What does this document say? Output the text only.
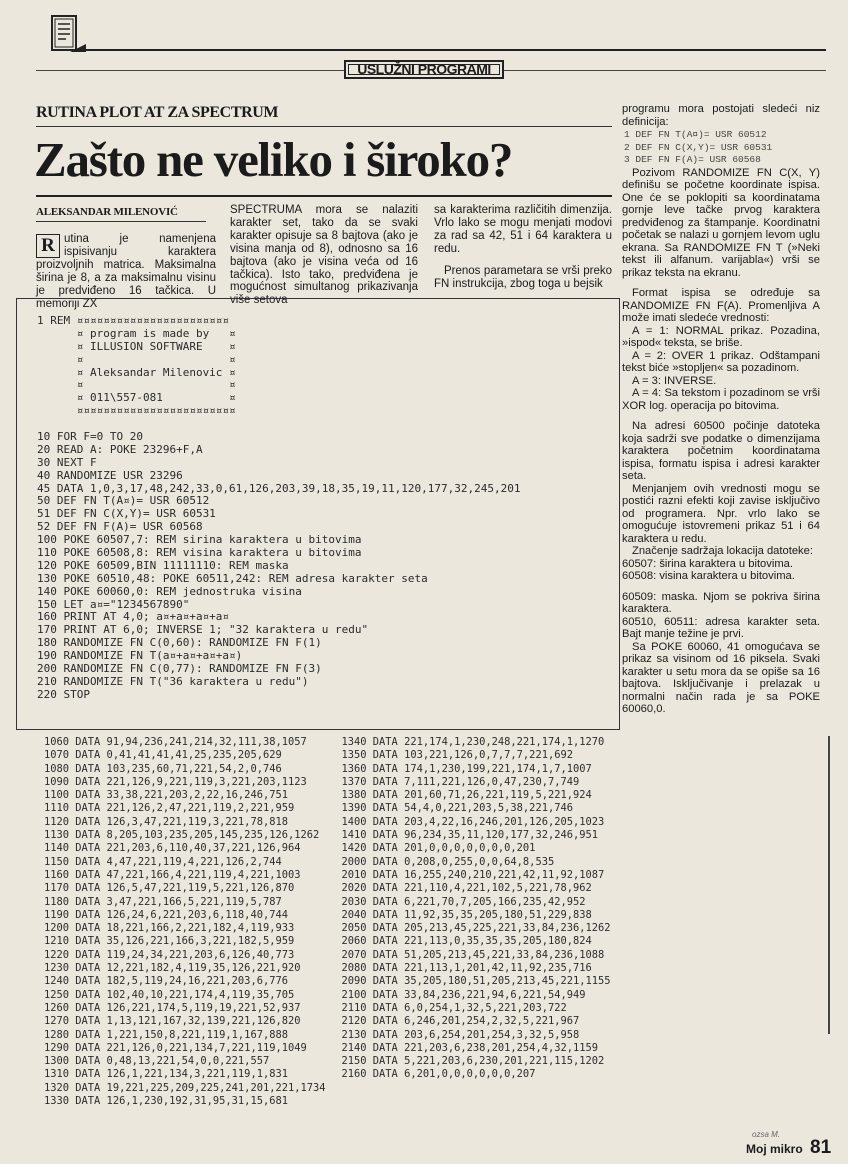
USLUŽNI PROGRAMI
RUTINA PLOT AT ZA SPECTRUM
Zašto ne veliko i široko?
ALEKSANDAR MILENOVIĆ
R utina je namenjena ispisivanju karaktera proizvoljnih matrica. Maksimalna širina je 8, a za maksimalnu visinu je predviđeno 16 tačkica. U memoriji ZX

SPECTRUMA mora se nalaziti karakter set, tako da se svaki karakter opisuje sa 8 bajtova (ako je visina manja od 8), odnosno sa 16 bajtova (ako je visina veća od 16 tačkica). Isto tako, predviđena je mogućnost simultanog prikazivanja više setova

sa karakterima različitih dimenzija. Vrlo lako se mogu menjati modovi za rad sa 42, 51 i 64 karaktera u redu.

Prenos parametara se vrši preko FN instrukcija, zbog toga u bejsik

programu mora postojati sledeći niz definicija:

1 DEF FN T(A¤)= USR 60512
2 DEF FN C(X,Y)= USR 60531
3 DEF FN F(A)= USR 60568

Pozivom RANDOMIZE FN C(X, Y) definišu se početne koordinate ispisa. One će se poklopiti sa koordinatama gornje leve tačke prvog karaktera predviđenog za štampanje. Koordinatni početak se nalazi u gornjem levom uglu ekrana. Sa RANDOMIZE FN T (»Neki tekst ili alfanum. varijabla«) vrši se prikaz teksta na ekranu.

Format ispisa se određuje sa RANDOMIZE FN F(A). Promenljiva A može imati sledeće vrednosti:

A = 1: NORMAL prikaz. Pozadina, »ispod« teksta, se briše.

A = 2: OVER 1 prikaz. Odštampani tekst biće »stopljen« sa pozadinom.

A = 3: INVERSE.

A = 4: Sa tekstom i pozadinom se vrši XOR log. operacija po bitovima.

Na adresi 60500 počinje datoteka koja sadrži sve podatke o dimenzijama karaktera početnim koordinatama ispisa, formatu ispisa i adresi karakter seta.

Menjanjem ovih vrednosti mogu se postići razni efekti koji zavise isključivo od programera. Npr. vrlo lako se omogućuje istovremeni prikaz 51 i 64 karaktera u redu.

Značenje sadržaja lokacija datoteke:

60507: širina karaktera u bitovima.

60508: visina karaktera u bitovima.

60509: maska. Njom se pokriva širina karaktera.

60510, 60511: adresa karakter seta. Bajt manje težine je prvi.

Sa POKE 60060, 41 omogućava se prikaz sa visinom od 16 piksela. Svaki karakter u setu mora da se opiše sa 16 bajtova. Isključivanje i prelazak u normalni način rada je sa POKE 60060,0.

1 REM ¤¤¤¤¤¤¤¤¤¤¤¤¤¤¤¤¤¤¤¤¤¤¤
¤ program is made by   ¤
¤ ILLUSION SOFTWARE    ¤
¤                      ¤
¤ Aleksandar Milenovic ¤
¤                      ¤
¤ 011\557-081          ¤
¤¤¤¤¤¤¤¤¤¤¤¤¤¤¤¤¤¤¤¤¤¤¤¤
10 FOR F=0 TO 20
20 READ A: POKE 23296+F,A
30 NEXT F
40 RANDOMIZE USR 23296
45 DATA 1,0,3,17,48,242,33,0,61,126,203,39,18,35,19,11,120,177,32,245,201
50 DEF FN T(A¤)= USR 60512
51 DEF FN C(X,Y)= USR 60531
52 DEF FN F(A)= USR 60568
100 POKE 60507,7: REM sirina karaktera u bitovima
110 POKE 60508,8: REM visina karaktera u bitovima
120 POKE 60509,BIN 11111110: REM maska
130 POKE 60510,48: POKE 60511,242: REM adresa karakter seta
140 POKE 60060,0: REM jednostruka visina
150 LET a¤="1234567890"
160 PRINT AT 4,0; a¤+a¤+a¤+a¤
170 PRINT AT 6,0; INVERSE 1; "32 karaktera u redu"
180 RANDOMIZE FN C(0,60): RANDOMIZE FN F(1)
190 RANDOMIZE FN T(a¤+a¤+a¤+a¤)
200 RANDOMIZE FN C(0,77): RANDOMIZE FN F(3)
210 RANDOMIZE FN T("36 karaktera u redu")
220 STOP
1060 DATA 91,94,236,241,214,32,111,38,1057
1070 DATA 0,41,41,41,41,25,235,205,629
1080 DATA 103,235,60,71,221,54,2,0,746
1090 DATA 221,126,9,221,119,3,221,203,1123
1100 DATA 33,38,221,203,2,22,16,246,751
1110 DATA 221,126,2,47,221,119,2,221,959
1120 DATA 126,3,47,221,119,3,221,78,818
1130 DATA 8,205,103,235,205,145,235,126,1262
1140 DATA 221,203,6,110,40,37,221,126,964
1150 DATA 4,47,221,119,4,221,126,2,744
1160 DATA 47,221,166,4,221,119,4,221,1003
1170 DATA 126,5,47,221,119,5,221,126,870
1180 DATA 3,47,221,166,5,221,119,5,787
1190 DATA 126,24,6,221,203,6,118,40,744
1200 DATA 18,221,166,2,221,182,4,119,933
1210 DATA 35,126,221,166,3,221,182,5,959
1220 DATA 119,24,34,221,203,6,126,40,773
1230 DATA 12,221,182,4,119,35,126,221,920
1240 DATA 182,5,119,24,16,221,203,6,776
1250 DATA 102,40,10,221,174,4,119,35,705
1260 DATA 126,221,174,5,119,19,221,52,937
1270 DATA 1,13,121,167,32,139,221,126,820
1280 DATA 1,221,150,8,221,119,1,167,888
1290 DATA 221,126,0,221,134,7,221,119,1049
1300 DATA 0,48,13,221,54,0,0,221,557
1310 DATA 126,1,221,134,3,221,119,1,831
1320 DATA 19,221,225,209,225,241,201,221,1734
1330 DATA 126,1,230,192,31,95,31,15,681
1340 DATA 221,174,1,230,248,221,174,1,1270
1350 DATA 103,221,126,0,7,7,7,221,692
1360 DATA 174,1,230,199,221,174,1,7,1007
1370 DATA 7,111,221,126,0,47,230,7,749
1380 DATA 201,60,71,26,221,119,5,221,924
1390 DATA 54,4,0,221,203,5,38,221,746
1400 DATA 203,4,22,16,246,201,126,205,1023
1410 DATA 96,234,35,11,120,177,32,246,951
1420 DATA 201,0,0,0,0,0,0,0,201
2000 DATA 0,208,0,255,0,0,64,8,535
2010 DATA 16,255,240,210,221,42,11,92,1087
2020 DATA 221,110,4,221,102,5,221,78,962
2030 DATA 6,221,70,7,205,166,235,42,952
2040 DATA 11,92,35,35,205,180,51,229,838
2050 DATA 205,213,45,225,221,33,84,236,1262
2060 DATA 221,113,0,35,35,35,205,180,824
2070 DATA 51,205,213,45,221,33,84,236,1088
2080 DATA 221,113,1,201,42,11,92,235,716
2090 DATA 35,205,180,51,205,213,45,221,1155
2100 DATA 33,84,236,221,94,6,221,54,949
2110 DATA 6,0,254,1,32,5,221,203,722
2120 DATA 6,246,201,254,2,32,5,221,967
2130 DATA 203,6,254,201,254,3,32,5,958
2140 DATA 221,203,6,238,201,254,4,32,1159
2150 DATA 5,221,203,6,230,201,221,115,1202
2160 DATA 6,201,0,0,0,0,0,0,207
ozsa M.
Moj mikro 81
